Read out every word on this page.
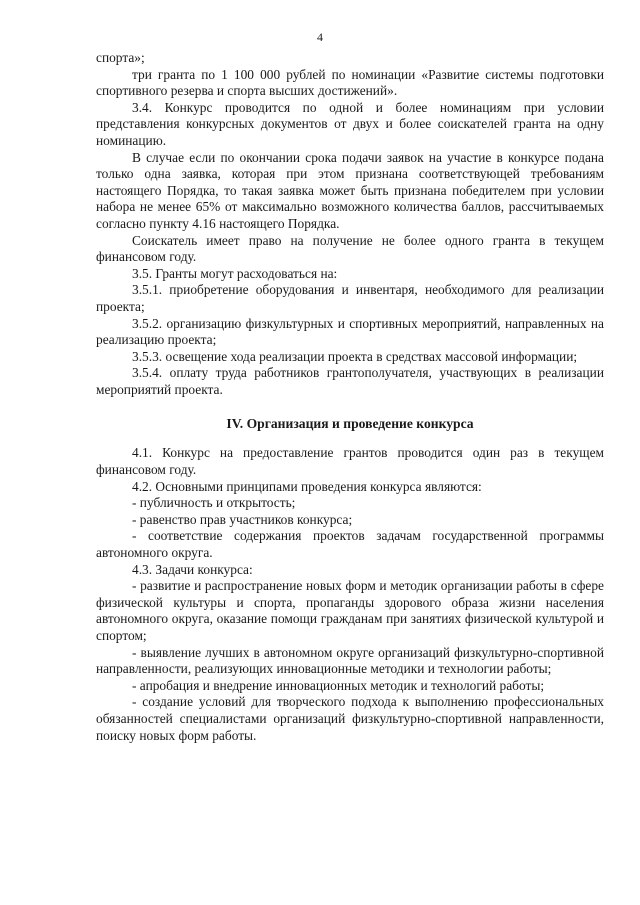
4

спорта»;

три гранта по 1 100 000 рублей по номинации «Развитие системы подготовки спортивного резерва и спорта высших достижений».

3.4. Конкурс проводится по одной и более номинациям при условии представления конкурсных документов от двух и более соискателей гранта на одну номинацию.

В случае если по окончании срока подачи заявок на участие в конкурсе подана только одна заявка, которая при этом признана соответствующей требованиям настоящего Порядка, то такая заявка может быть признана победителем при условии набора не менее 65% от максимально возможного количества баллов, рассчитываемых согласно пункту 4.16 настоящего Порядка.

Соискатель имеет право на получение не более одного гранта в текущем финансовом году.

3.5. Гранты могут расходоваться на:

3.5.1. приобретение оборудования и инвентаря, необходимого для реализации проекта;

3.5.2. организацию физкультурных и спортивных мероприятий, направленных на реализацию проекта;

3.5.3. освещение хода реализации проекта в средствах массовой информации;

3.5.4. оплату труда работников грантополучателя, участвующих в реализации мероприятий проекта.

IV. Организация и проведение конкурса

4.1. Конкурс на предоставление грантов проводится один раз в текущем финансовом году.

4.2. Основными принципами проведения конкурса являются:

- публичность и открытость;

- равенство прав участников конкурса;

- соответствие содержания проектов задачам государственной программы автономного округа.

4.3. Задачи конкурса:

- развитие и распространение новых форм и методик организации работы в сфере физической культуры и спорта, пропаганды здорового образа жизни населения автономного округа, оказание помощи гражданам при занятиях физической культурой и спортом;

- выявление лучших в автономном округе организаций физкультурно-спортивной направленности, реализующих инновационные методики и технологии работы;

- апробация и внедрение инновационных методик и технологий работы;

- создание условий для творческого подхода к выполнению профессиональных обязанностей специалистами организаций физкультурно-спортивной направленности, поиску новых форм работы.
